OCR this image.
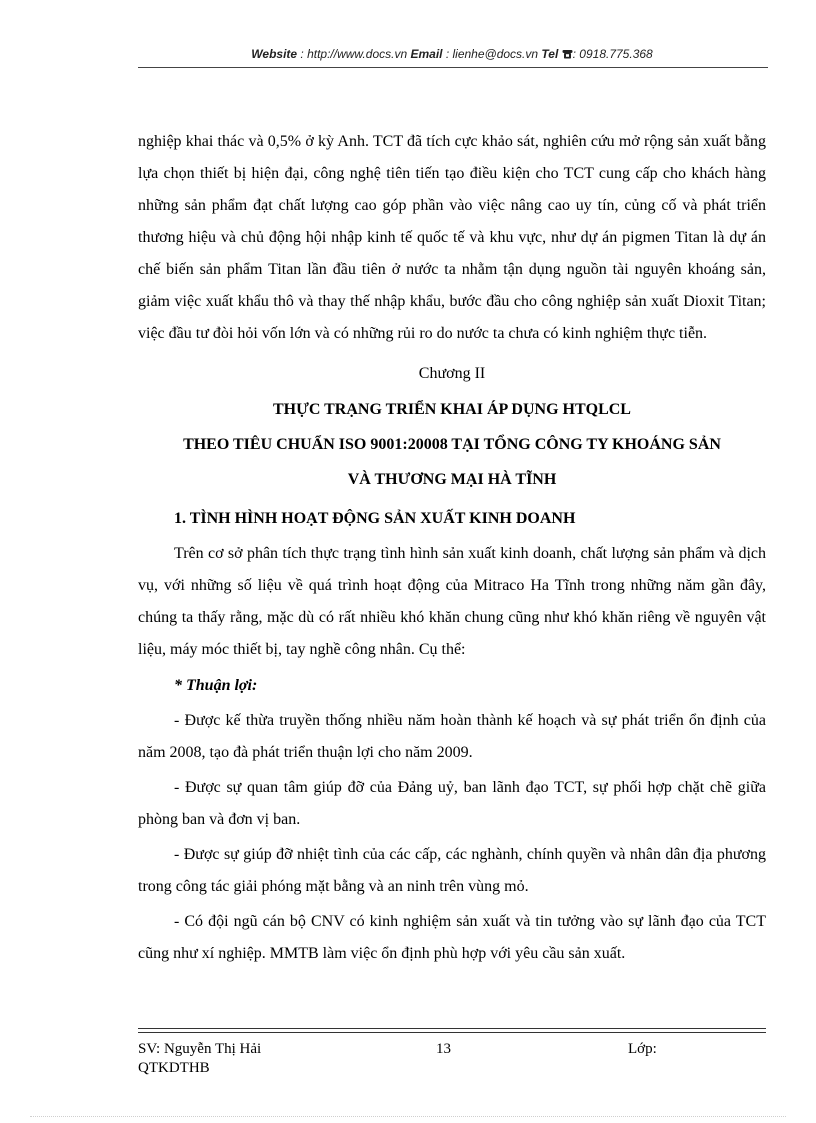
Website : http://www.docs.vn Email : lienhe@docs.vn Tel : 0918.775.368

nghiệp khai thác và 0,5% ở kỳ Anh. TCT đã tích cực khảo sát, nghiên cứu mở rộng sản xuất bằng lựa chọn thiết bị hiện đại, công nghệ tiên tiến tạo điều kiện cho TCT cung cấp cho khách hàng những sản phẩm đạt chất lượng cao góp phần vào việc nâng cao uy tín, củng cố và phát triển thương hiệu và chủ động hội nhập kinh tế quốc tế và khu vực, như dự án pigmen Titan là dự án chế biến sản phẩm Titan lần đầu tiên ở nước ta nhằm tận dụng nguồn tài nguyên khoáng sản, giảm việc xuất khẩu thô và thay thế nhập khẩu, bước đầu cho công nghiệp sản xuất Dioxit Titan; việc đầu tư đòi hỏi vốn lớn và có những rủi ro do nước ta chưa có kinh nghiệm thực tiễn.

Chương II

THỰC TRẠNG TRIỂN KHAI ÁP DỤNG HTQLCL

THEO TIÊU CHUẨN ISO 9001:20008 TẠI TỔNG CÔNG TY KHOÁNG SẢN

VÀ THƯƠNG MẠI HÀ TĨNH

1. TÌNH HÌNH HOẠT ĐỘNG SẢN XUẤT KINH DOANH

Trên cơ sở phân tích thực trạng tình hình sản xuất kinh doanh, chất lượng sản phẩm và dịch vụ, với những số liệu về quá trình hoạt động của Mitraco Ha Tĩnh trong những năm gần đây, chúng ta thấy rằng, mặc dù có rất nhiều khó khăn chung cũng như khó khăn riêng về nguyên vật liệu, máy móc thiết bị, tay nghề công nhân. Cụ thể:

* Thuận lợi:

- Được kế thừa truyền thống nhiều năm hoàn thành kế hoạch và sự phát triển ổn định của năm 2008, tạo đà phát triển thuận lợi cho năm 2009.

- Được sự quan tâm giúp đỡ của Đảng uỷ, ban lãnh đạo TCT, sự phối hợp chặt chẽ giữa phòng ban và đơn vị ban.

- Được sự giúp đỡ nhiệt tình của các cấp, các nghành, chính quyền và nhân dân địa phương trong công tác giải phóng mặt bằng và an ninh trên vùng mỏ.

- Có đội ngũ cán bộ CNV có kinh nghiệm sản xuất và tin tưởng vào sự lãnh đạo của TCT cũng như xí nghiệp. MMTB làm việc ổn định phù hợp với yêu cầu sản xuất.

SV: Nguyễn Thị Hải QTKDTHB
13	Lớp:
